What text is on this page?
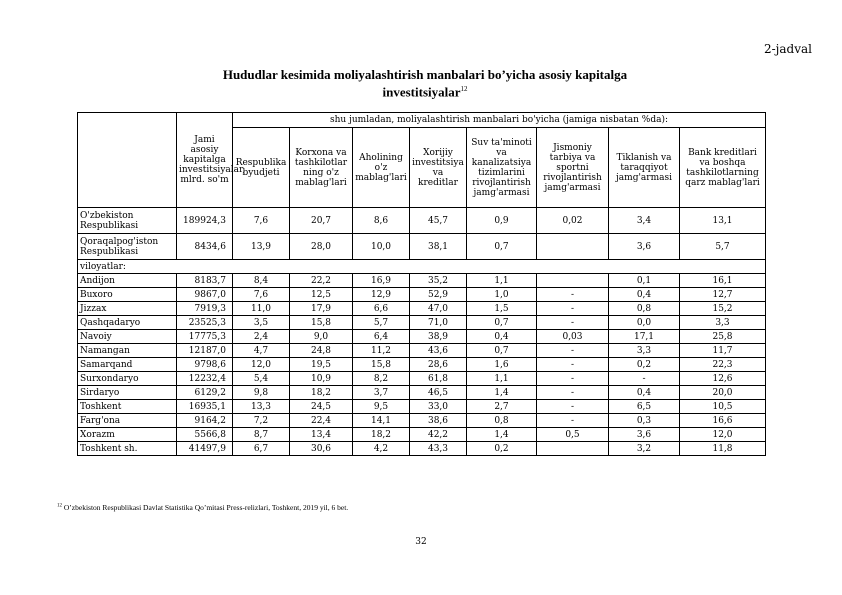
2-jadval
Hududlar kesimida moliyalashtirish manbalari bo’yicha asosiy kapitalga
investitsiyalar$^{12}$
	Jami asosiy kapitalga investitsiyalar, mlrd. so'm	shu jumladan, moliyalashtirish manbalari bo'yicha (jamiga nisbatan %da):							
		Respublika byudjeti	Korxona va tashkilotlar ning o'z mablag'lari	Aholining o'z mablag'lari	Xorijiy investitsiya va kreditlar	Suv ta'minoti va kanalizatsiya tizimlarini rivojlantirish jamg'armasi	Jismoniy tarbiya va sportni rivojlantirish jamg'armasi	Tiklanish va taraqqiyot jamg'armasi	Bank kreditlari va boshqa tashkilotlarning qarz mablag'lari
O'zbekiston Respublikasi	189924,3	7,6	20,7	8,6	45,7	0,9	0,02	3,4	13,1
Qoraqalpog'iston Respublikasi	8434,6	13,9	28,0	10,0	38,1	0,7		3,6	5,7
viloyatlar:									
Andijon	8183,7	8,4	22,2	16,9	35,2	1,1		0,1	16,1
Buxoro	9867,0	7,6	12,5	12,9	52,9	1,0	-	0,4	12,7
Jizzax	7919,3	11,0	17,9	6,6	47,0	1,5	-	0,8	15,2
Qashqadaryo	23525,3	3,5	15,8	5,7	71,0	0,7	-	0,0	3,3
Navoiy	17775,3	2,4	9,0	6,4	38,9	0,4	0,03	17,1	25,8
Namangan	12187,0	4,7	24,8	11,2	43,6	0,7	-	3,3	11,7
Samarqand	9798,6	12,0	19,5	15,8	28,6	1,6	-	0,2	22,3
Surxondaryo	12232,4	5,4	10,9	8,2	61,8	1,1	-	-	12,6
Sirdaryo	6129,2	9,8	18,2	3,7	46,5	1,4	-	0,4	20,0
Toshkent	16935,1	13,3	24,5	9,5	33,0	2,7	-	6,5	10,5
Farg'ona	9164,2	7,2	22,4	14,1	38,6	0,8	-	0,3	16,6
Xorazm	5566,8	8,7	13,4	18,2	42,2	1,4	0,5	3,6	12,0
Toshkent sh.	41497,9	6,7	30,6	4,2	43,3	0,2		3,2	11,8
$^{12}$ O’zbekiston Respublikasi Davlat Statistika Qo’mitasi Press-relizlari, Toshkent, 2019 yil, 6 bet.
32
